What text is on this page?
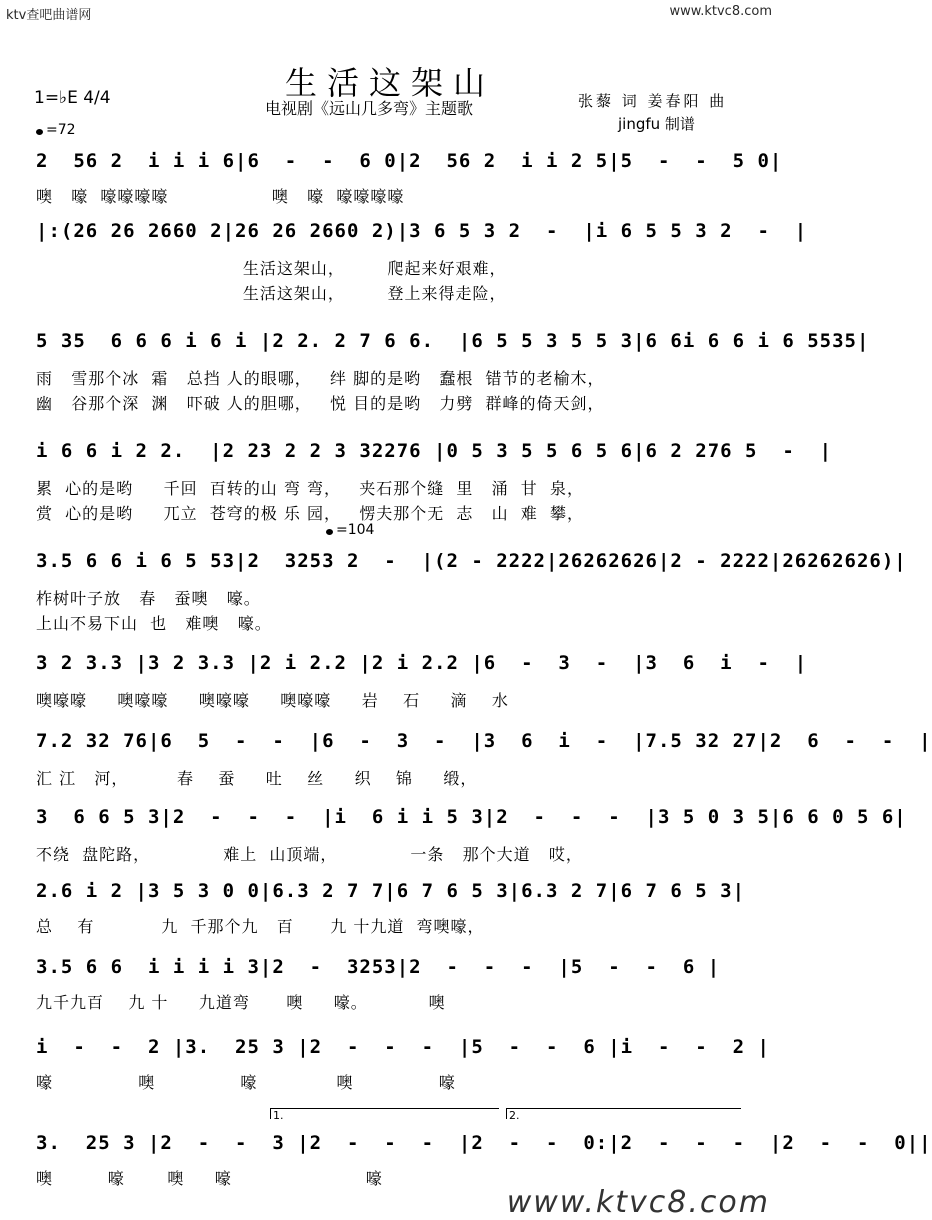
ktv查吧曲谱网	www.ktvc8.com
生活这架山
电视剧《远山几多弯》主题歌	张藜 词 姜春阳 曲
jingfu 制谱
1=♭E 4/4
=72
=104
2  56 2  i i i 6|6  -  -  6 0|2  56 2  i i 2 5|5  -  -  5 0|
噢   嚎  嚎嚎嚎嚎                 噢   嚎  嚎嚎嚎嚎
|:(26 26 2660 2|26 26 2660 2)|3 6 5 3 2  -  |i 6 5 5 3 2  -  |
生活这架山，       爬起来好艰难，
生活这架山，       登上来得走险，
5 35  6 6 6 i 6 i |2 2. 2 7 6 6.  |6 5 5 3 5 5 3|6 6i 6 6 i 6 5535|
雨   雪那个冰  霜   总挡 人的眼哪，   绊 脚的是哟   蠢根  错节的老榆木，
幽   谷那个深  渊   吓破 人的胆哪，   悦 目的是哟   力劈  群峰的倚天剑，
i 6 6 i 2 2.  |2 23 2 2 3 32276 |0 5 3 5 5 6 5 6|6 2 276 5  -  |
累  心的是哟     千回  百转的山 弯 弯，   夹石那个缝  里   涌  甘  泉，
赏  心的是哟     兀立  苍穹的极 乐 园，   愣夫那个无  志   山  难  攀，
3.5 6 6 i 6 5 53|2  3253 2  -  |(2 - 2222|26262626|2 - 2222|26262626)|
柞树叶子放   春   蚕噢   嚎。
上山不易下山  也   难噢   嚎。
3 2 3.3 |3 2 3.3 |2 i 2.2 |2 i 2.2 |6  -  3  -  |3  6  i  -  |
噢嚎嚎     噢嚎嚎     噢嚎嚎     噢嚎嚎     岩    石     滴    水
7.2 32 76|6  5  -  -  |6  -  3  -  |3  6  i  -  |7.5 32 27|2  6  -  -  |
汇 江   河，        春    蚕     吐    丝     织    锦     缎，
3  6 6 5 3|2  -  -  -  |i  6 i i 5 3|2  -  -  -  |3 5 0 3 5|6 6 0 5 6|
不绕  盘陀路，            难上  山顶端，            一条   那个大道   哎，
2.6 i 2 |3 5 3 0 0|6.3 2 7 7|6 7 6 5 3|6.3 2 7|6 7 6 5 3|
总    有           九  千那个九   百      九 十九道  弯噢嚎，
3.5 6 6  i i i i 3|2  -  3253|2  -  -  -  |5  -  -  6 |
九千九百    九 十     九道弯      噢     嚎。          噢
i  -  -  2 |3.  25 3 |2  -  -  -  |5  -  -  6 |i  -  -  2 |
嚎              噢              嚎             噢              嚎
1.	2.
3.  25 3 |2  -  -  3 |2  -  -  -  |2  -  -  0:|2  -  -  -  |2  -  -  0||
噢         嚎       噢     嚎                      嚎
www.ktvc8.com
